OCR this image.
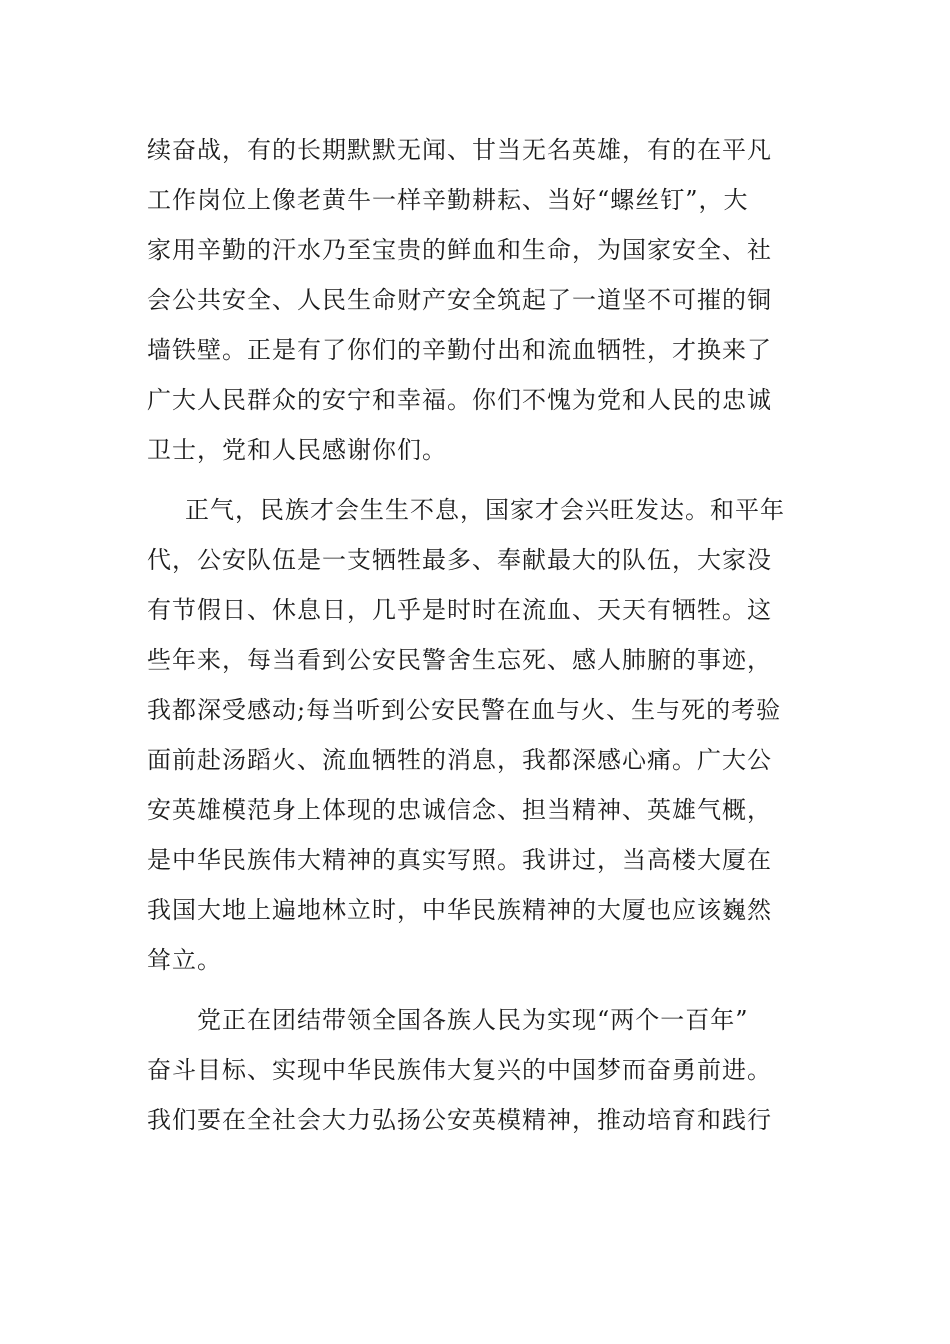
续奋战，有的长期默默无闻、甘当无名英雄，有的在平凡
工作岗位上像老黄牛一样辛勤耕耘、当好“螺丝钉”，大
家用辛勤的汗水乃至宝贵的鲜血和生命，为国家安全、社
会公共安全、人民生命财产安全筑起了一道坚不可摧的铜
墙铁壁。正是有了你们的辛勤付出和流血牺牲，才换来了
广大人民群众的安宁和幸福。你们不愧为党和人民的忠诚
卫士，党和人民感谢你们。
正气，民族才会生生不息，国家才会兴旺发达。和平年
代，公安队伍是一支牺牲最多、奉献最大的队伍，大家没
有节假日、休息日，几乎是时时在流血、天天有牺牲。这
些年来，每当看到公安民警舍生忘死、感人肺腑的事迹，
我都深受感动;每当听到公安民警在血与火、生与死的考验
面前赴汤蹈火、流血牺牲的消息，我都深感心痛。广大公
安英雄模范身上体现的忠诚信念、担当精神、英雄气概，
是中华民族伟大精神的真实写照。我讲过，当高楼大厦在
我国大地上遍地林立时，中华民族精神的大厦也应该巍然
耸立。
党正在团结带领全国各族人民为实现“两个一百年”
奋斗目标、实现中华民族伟大复兴的中国梦而奋勇前进。
我们要在全社会大力弘扬公安英模精神，推动培育和践行
